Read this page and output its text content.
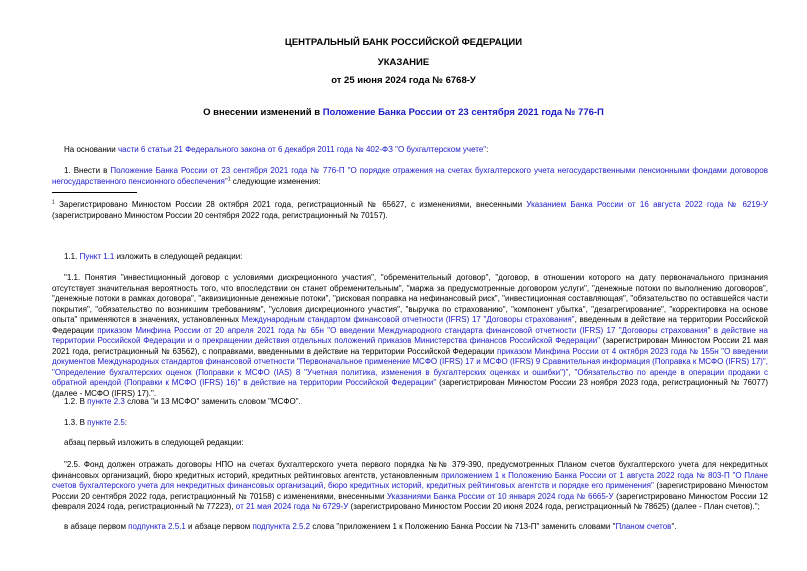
ЦЕНТРАЛЬНЫЙ БАНК РОССИЙСКОЙ ФЕДЕРАЦИИ
УКАЗАНИЕ
от 25 июня 2024 года № 6768-У
О внесении изменений в Положение Банка России от 23 сентября 2021 года № 776-П
На основании части 6 статьи 21 Федерального закона от 6 декабря 2011 года № 402-ФЗ "О бухгалтерском учете":
1. Внести в Положение Банка России от 23 сентября 2021 года № 776-П "О порядке отражения на счетах бухгалтерского учета негосударственными пенсионными фондами договоров негосударственного пенсионного обеспечения"$^1$ следующие изменения:
$^1$ Зарегистрировано Минюстом России 28 октября 2021 года, регистрационный № 65627, с изменениями, внесенными Указанием Банка России от 16 августа 2022 года № 6219-У (зарегистрировано Минюстом России 20 сентября 2022 года, регистрационный № 70157).
1.1. Пункт 1.1 изложить в следующей редакции:
"1.1. Понятия "инвестиционный договор с условиями дискреционного участия", "обременительный договор", "договор, в отношении которого на дату первоначального признания отсутствует значительная вероятность того, что впоследствии он станет обременительным", "маржа за предусмотренные договором услуги", "денежные потоки по выполнению договоров", "денежные потоки в рамках договора", "аквизиционные денежные потоки", "рисковая поправка на нефинансовый риск", "инвестиционная составляющая", "обязательство по оставшейся части покрытия", "обязательство по возникшим требованиям", "условия дискреционного участия", "выручка по страхованию", "компонент убытка", "дезагрегирование", "корректировка на основе опыта" применяются в значениях, установленных Международным стандартом финансовой отчетности (IFRS) 17 "Договоры страхования", введенным в действие на территории Российской Федерации приказом Минфина России от 20 апреля 2021 года № 65н "О введении Международного стандарта финансовой отчетности (IFRS) 17 "Договоры страхования" в действие на территории Российской Федерации и о прекращении действия отдельных положений приказов Министерства финансов Российской Федерации" (зарегистрирован Минюстом России 21 мая 2021 года, регистрационный № 63562), с поправками, введенными в действие на территории Российской Федерации приказом Минфина России от 4 октября 2023 года № 155н "О введении документов Международных стандартов финансовой отчетности "Первоначальное применение МСФО (IFRS) 17 и МСФО (IFRS) 9 Сравнительная информация (Поправка к МСФО (IFRS) 17)", "Определение бухгалтерских оценок (Поправки к МСФО (IAS) 8 "Учетная политика, изменения в бухгалтерских оценках и ошибки")", "Обязательство по аренде в операции продажи с обратной арендой (Поправки к МСФО (IFRS) 16)" в действие на территории Российской Федерации" (зарегистрирован Минюстом России 23 ноября 2023 года, регистрационный № 76077) (далее - МСФО (IFRS) 17).".
1.2. В пункте 2.3 слова "и 13 МСФО" заменить словом "МСФО".
1.3. В пункте 2.5:
абзац первый изложить в следующей редакции:
"2.5. Фонд должен отражать договоры НПО на счетах бухгалтерского учета первого порядка №№ 379-390, предусмотренных Планом счетов бухгалтерского учета для некредитных финансовых организаций, бюро кредитных историй, кредитных рейтинговых агентств, установленным приложением 1 к Положению Банка России от 1 августа 2022 года № 803-П "О Плане счетов бухгалтерского учета для некредитных финансовых организаций, бюро кредитных историй, кредитных рейтинговых агентств и порядке его применения" (зарегистрировано Минюстом России 20 сентября 2022 года, регистрационный № 70158) с изменениями, внесенными Указаниями Банка России от 10 января 2024 года № 6665-У (зарегистрировано Минюстом России 12 февраля 2024 года, регистрационный № 77223), от 21 мая 2024 года № 6729-У (зарегистрировано Минюстом России 20 июня 2024 года, регистрационный № 78625) (далее - План счетов).";
в абзаце первом подпункта 2.5.1 и абзаце первом подпункта 2.5.2 слова "приложением 1 к Положению Банка России № 713-П" заменить словами "Планом счетов".
